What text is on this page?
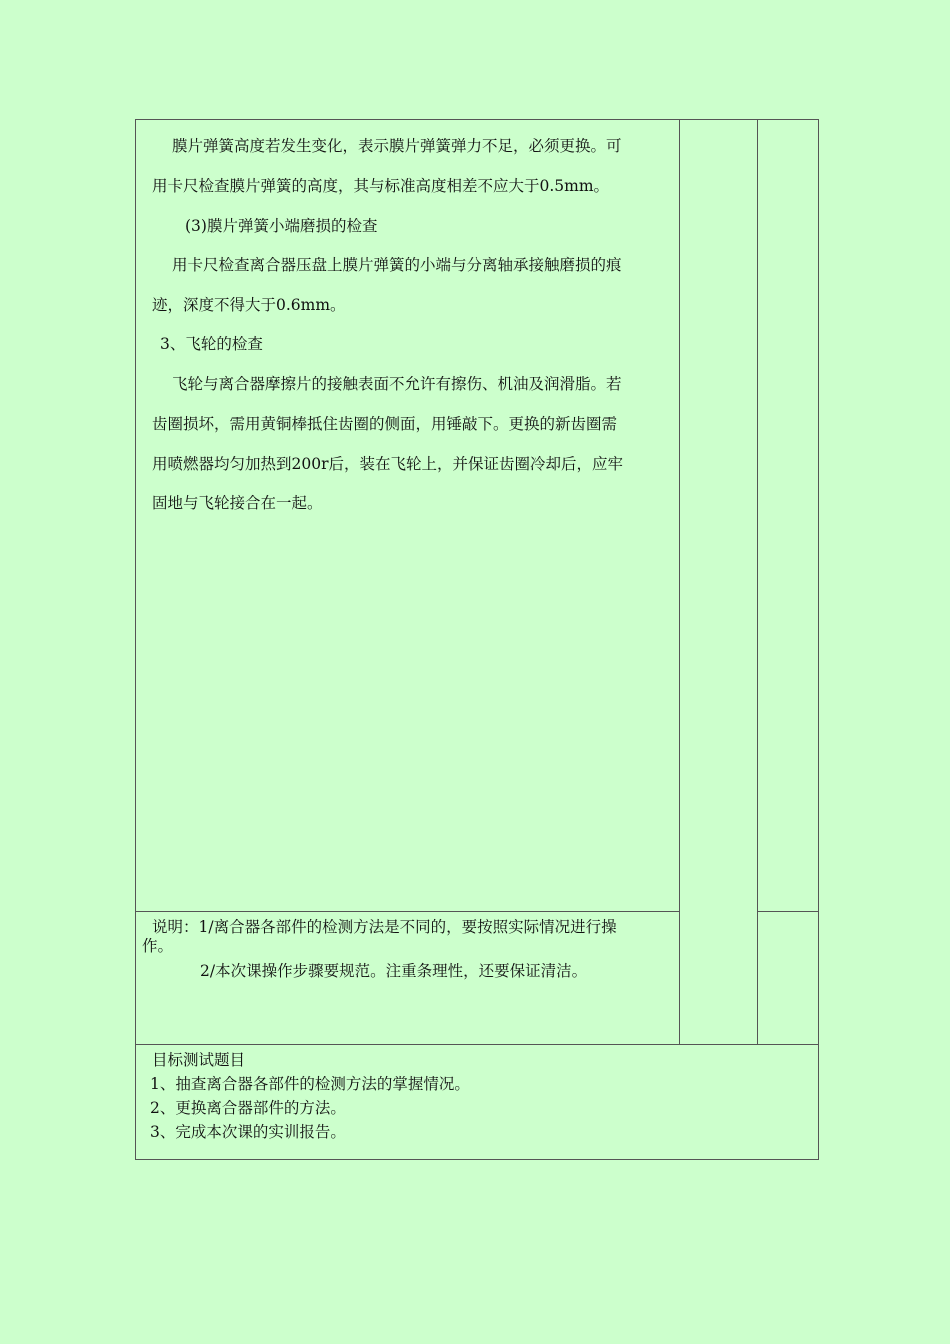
膜片弹簧高度若发生变化，表示膜片弹簧弹力不足，必须更换。可
用卡尺检查膜片弹簧的高度，其与标准高度相差不应大于0.5mm。
(3)膜片弹簧小端磨损的检查
用卡尺检查离合器压盘上膜片弹簧的小端与分离轴承接触磨损的痕
迹，深度不得大于0.6mm。
3、飞轮的检查
飞轮与离合器摩擦片的接触表面不允许有擦伤、机油及润滑脂。若
齿圈损坏，需用黄铜棒抵住齿圈的侧面，用锤敲下。更换的新齿圈需
用喷燃器均匀加热到200r后，装在飞轮上，并保证齿圈冷却后，应牢
固地与飞轮接合在一起。
说明：1/离合器各部件的检测方法是不同的，要按照实际情况进行操
作。
2/本次课操作步骤要规范。注重条理性，还要保证清洁。
目标测试题目
1、抽查离合器各部件的检测方法的掌握情况。
2、更换离合器部件的方法。
3、完成本次课的实训报告。
